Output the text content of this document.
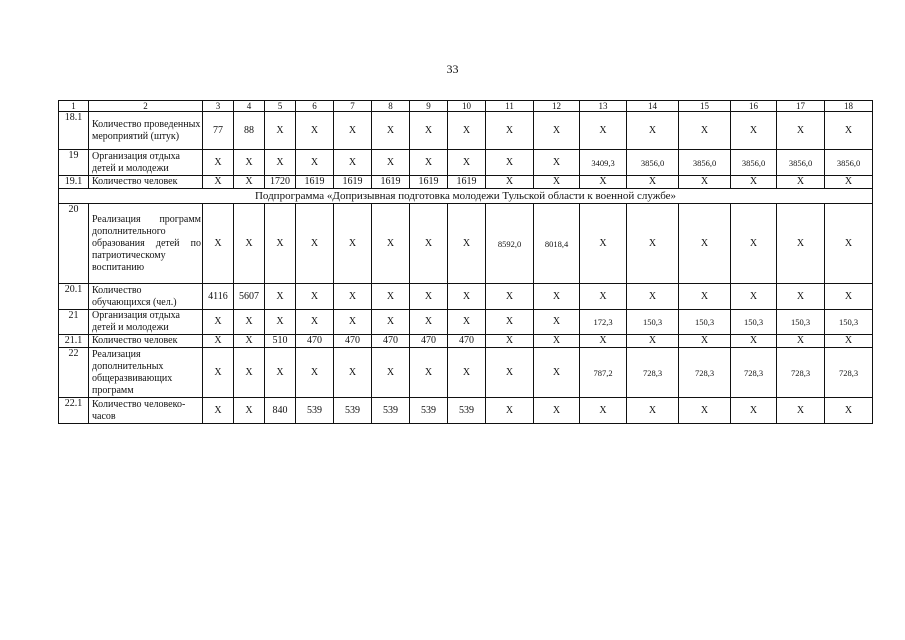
33
1	2	3	4	5	6	7	8	9	10	11	12	13	14	15	16	17	18
18.1	Количество проведенных мероприятий (штук)	77	88	X	X	X	X	X	X	X	X	X	X	X	X	X	X
19	Организация отдыха детей и молодежи	X	X	X	X	X	X	X	X	X	X	3409,3	3856,0	3856,0	3856,0	3856,0	3856,0
19.1	Количество человек	X	X	1720	1619	1619	1619	1619	1619	X	X	X	X	X	X	X	X
Подпрограмма «Допризывная подготовка молодежи Тульской области к военной службе»																	
20	Реализация программ дополнительного образования детей по патриотическому воспитанию	X	X	X	X	X	X	X	X	8592,0	8018,4	X	X	X	X	X	X
20.1	Количество обучающихся (чел.)	4116	5607	X	X	X	X	X	X	X	X	X	X	X	X	X	X
21	Организация отдыха детей и молодежи	X	X	X	X	X	X	X	X	X	X	172,3	150,3	150,3	150,3	150,3	150,3
21.1	Количество человек	X	X	510	470	470	470	470	470	X	X	X	X	X	X	X	X
22	Реализация дополнительных общеразвивающих программ	X	X	X	X	X	X	X	X	X	X	787,2	728,3	728,3	728,3	728,3	728,3
22.1	Количество человеко-часов	X	X	840	539	539	539	539	539	X	X	X	X	X	X	X	X
